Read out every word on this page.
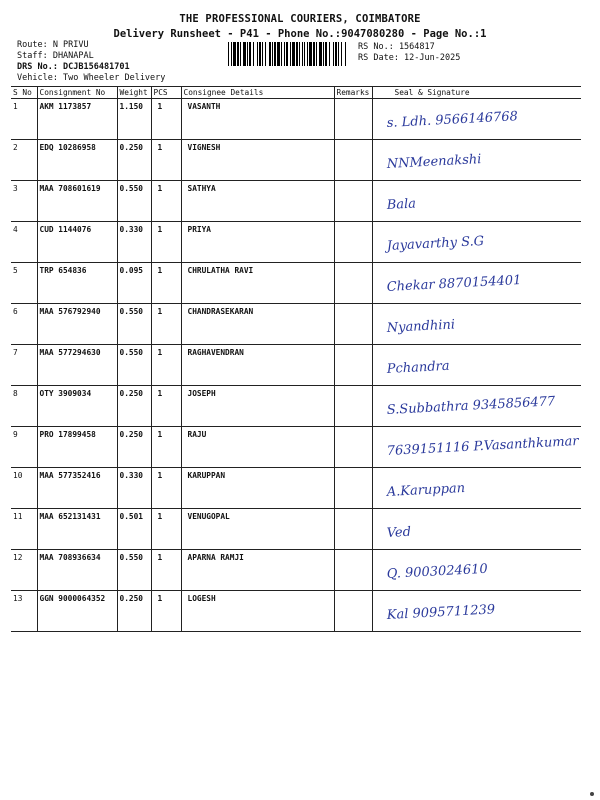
THE PROFESSIONAL COURIERS, COIMBATORE
Delivery Runsheet - P41 - Phone No.:9047080280 - Page No.:1
Route: N PRIVU
Staff: DHANAPAL
DRS No.: DCJB156481701
Vehicle: Two Wheeler Delivery
RS No.: 1564817
RS Date: 12-Jun-2025
S No	Consignment No	Weight	PCS	Consignee Details	Remarks	Seal & Signature
1	AKM 1173857	1.150	1	VASANTH		s. Ldh. 9566146768

2	EDQ 10286958	0.250	1	VIGNESH		NNMeenakshi

3	MAA 708601619	0.550	1	SATHYA		Bala

4	CUD 1144076	0.330	1	PRIYA		Jayavarthy S.G

5	TRP 654836	0.095	1	CHRULATHA RAVI		Chekar 8870154401

6	MAA 576792940	0.550	1	CHANDRASEKARAN		Nyandhini

7	MAA 577294630	0.550	1	RAGHAVENDRAN		Pchandra

8	OTY 3909034	0.250	1	JOSEPH		S.Subbathra 9345856477

9	PRO 17899458	0.250	1	RAJU		7639151116 P.Vasanthkumar

10	MAA 577352416	0.330	1	KARUPPAN		A.Karuppan

11	MAA 652131431	0.501	1	VENUGOPAL		Ved

12	MAA 708936634	0.550	1	APARNA RAMJI		Q. 9003024610

13	GGN 9000064352	0.250	1	LOGESH		Kal 9095711239
